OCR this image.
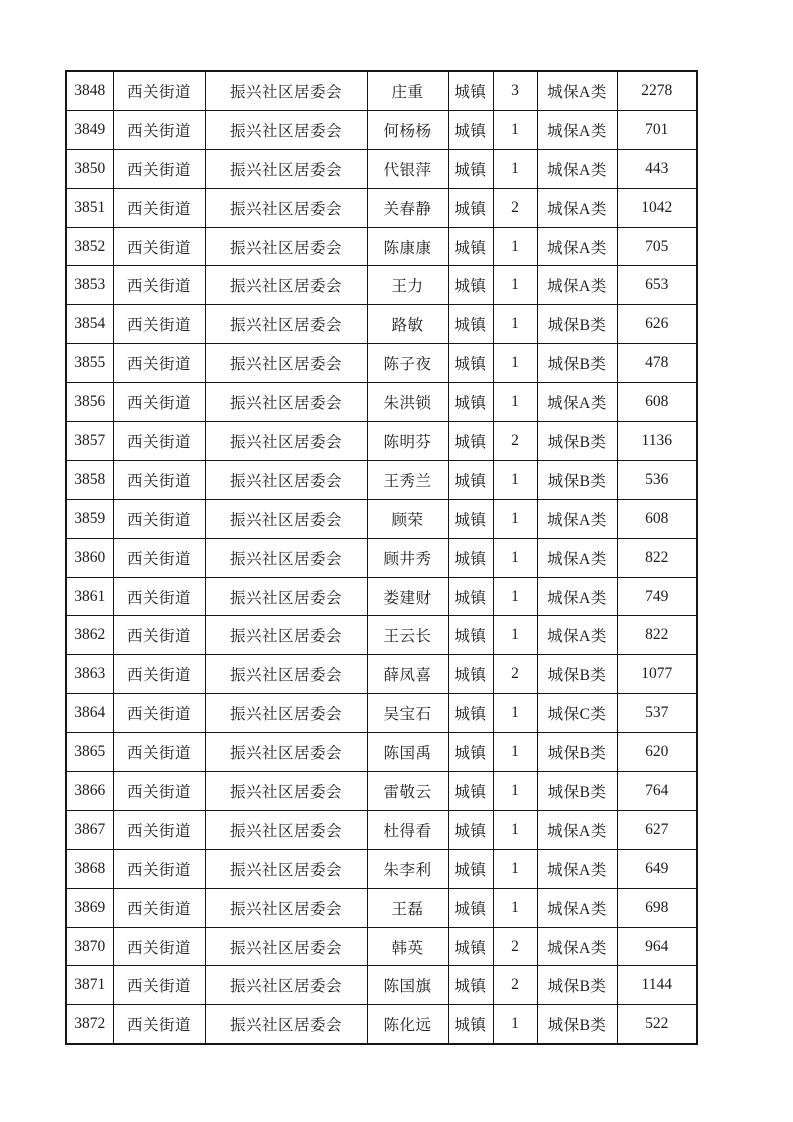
3848	西关街道	振兴社区居委会	庄重	城镇	3	城保A类	2278
3849	西关街道	振兴社区居委会	何杨杨	城镇	1	城保A类	701
3850	西关街道	振兴社区居委会	代银萍	城镇	1	城保A类	443
3851	西关街道	振兴社区居委会	关春静	城镇	2	城保A类	1042
3852	西关街道	振兴社区居委会	陈康康	城镇	1	城保A类	705
3853	西关街道	振兴社区居委会	王力	城镇	1	城保A类	653
3854	西关街道	振兴社区居委会	路敏	城镇	1	城保B类	626
3855	西关街道	振兴社区居委会	陈子夜	城镇	1	城保B类	478
3856	西关街道	振兴社区居委会	朱洪锁	城镇	1	城保A类	608
3857	西关街道	振兴社区居委会	陈明芬	城镇	2	城保B类	1136
3858	西关街道	振兴社区居委会	王秀兰	城镇	1	城保B类	536
3859	西关街道	振兴社区居委会	顾荣	城镇	1	城保A类	608
3860	西关街道	振兴社区居委会	顾井秀	城镇	1	城保A类	822
3861	西关街道	振兴社区居委会	娄建财	城镇	1	城保A类	749
3862	西关街道	振兴社区居委会	王云长	城镇	1	城保A类	822
3863	西关街道	振兴社区居委会	薛凤喜	城镇	2	城保B类	1077
3864	西关街道	振兴社区居委会	吴宝石	城镇	1	城保C类	537
3865	西关街道	振兴社区居委会	陈国禹	城镇	1	城保B类	620
3866	西关街道	振兴社区居委会	雷敬云	城镇	1	城保B类	764
3867	西关街道	振兴社区居委会	杜得看	城镇	1	城保A类	627
3868	西关街道	振兴社区居委会	朱李利	城镇	1	城保A类	649
3869	西关街道	振兴社区居委会	王磊	城镇	1	城保A类	698
3870	西关街道	振兴社区居委会	韩英	城镇	2	城保A类	964
3871	西关街道	振兴社区居委会	陈国旗	城镇	2	城保B类	1144
3872	西关街道	振兴社区居委会	陈化远	城镇	1	城保B类	522
